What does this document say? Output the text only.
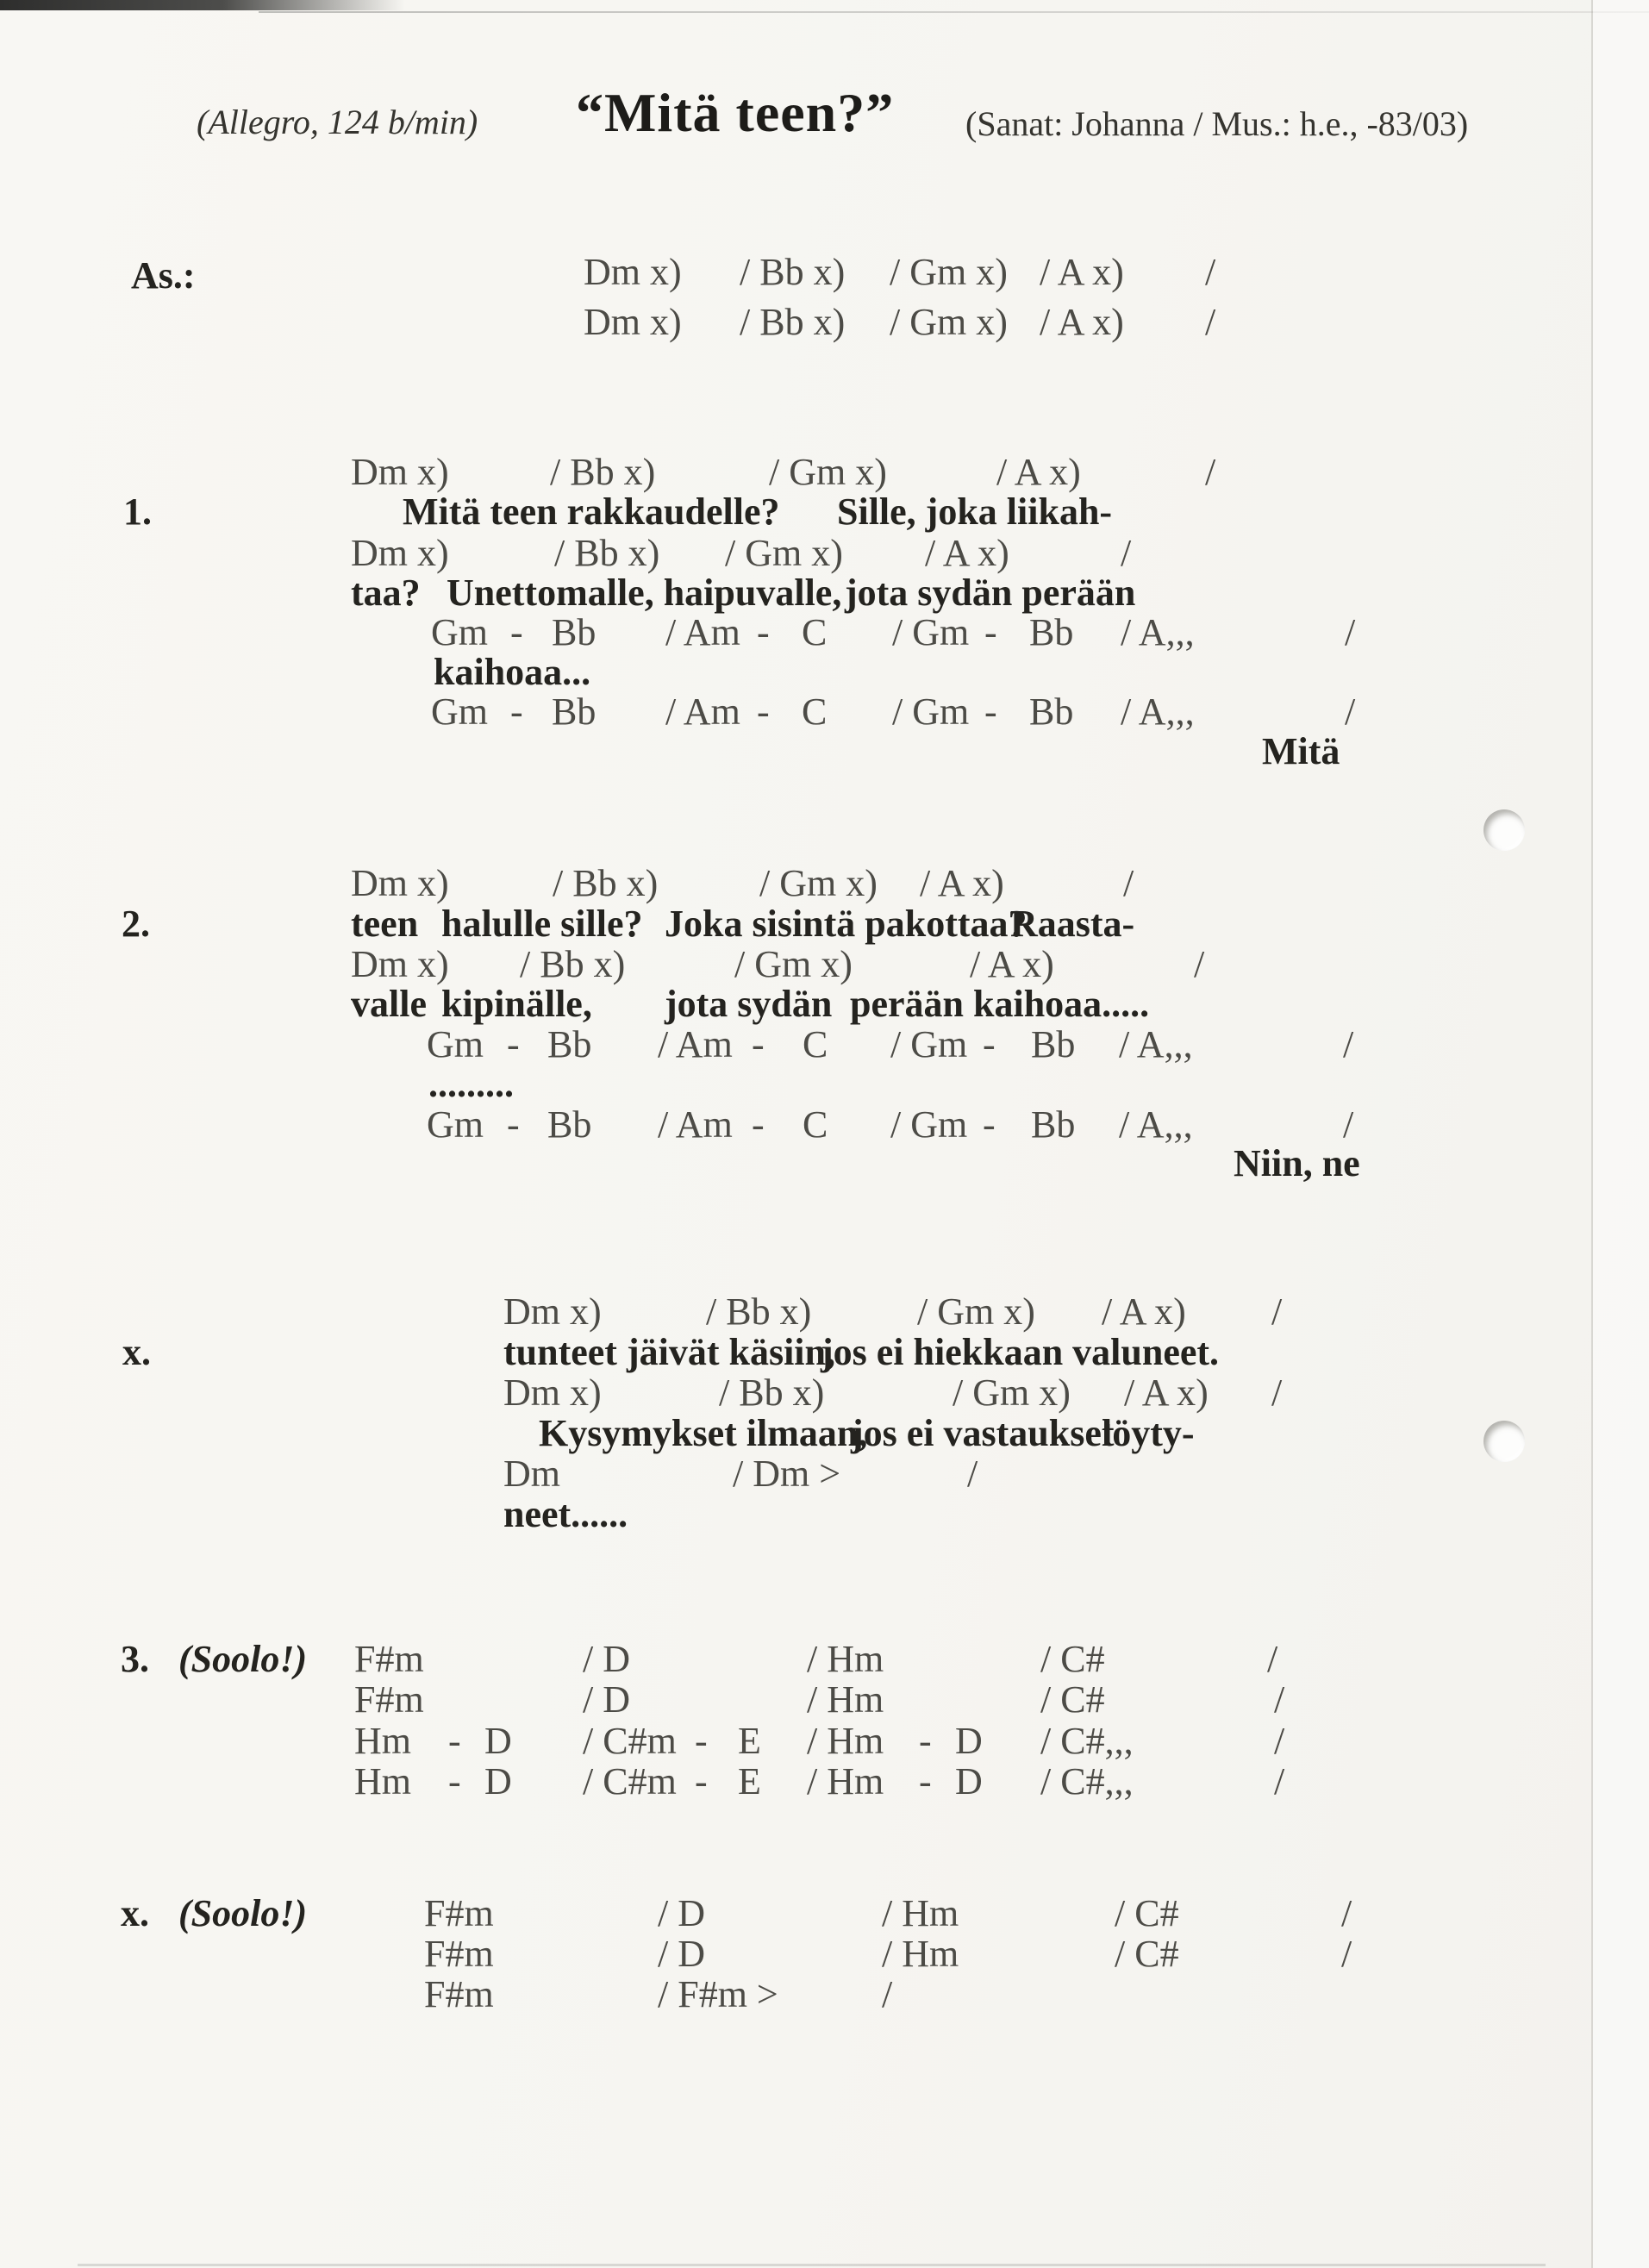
(Allegro, 124 b/min) “Mitä teen?” (Sanat: Johanna / Mus.: h.e., -83/03)
As.:	Dm x) / Bb x) / Gm x) / A x) /
Dm x) / Bb x) / Gm x) / A x) /
Dm x)	/ Bb x)	/ Gm x)	/ A x)	/
1.	Mitä teen rakkaudelle? Sille, joka liikah-
Dm x)	/ Bb x) / Gm x) / A x)	/
taa? Unettomalle, haipuvalle, jota sydän perään
Gm - Bb / Am - C / Gm - Bb / A,,,	/
kaihoaa...
Gm - Bb / Am - C / Gm - Bb / A,,,	/
Mitä
Dm x)	/ Bb x)	/ Gm x) / A x)	/
2.	teen halulle sille? Joka sisintä pakottaa?
Raasta-
Dm x) / Bb x)	/ Gm x)	/ A x)	/
valle kipinälle, jota sydän perään kaihoaa.....
Gm - Bb / Am - C / Gm - Bb / A,,,	/
.........
Gm - Bb / Am - C / Gm - Bb / A,,,	/
Niin, ne
Dm x)	/ Bb x)	/ Gm x) / A x) /
x.	tunteet jäivät käsiin,
jos ei hiekkaan valuneet.
Dm x)	/ Bb x)	/ Gm x) / A x) /
Kysymykset ilmaan,
jos ei vastaukset
löyty-
Dm	/ Dm >	/
neet......
3. (Soolo!) F#m	/ D	/ Hm	/ C#	/
F#m	/ D	/ Hm	/ C#	/
Hm - D / C#m - E / Hm - D / C#,,,	/
Hm - D / C#m - E / Hm - D / C#,,,	/
x. (Soolo!)	F#m	/ D	/ Hm	/ C#	/
F#m	/ D	/ Hm	/ C#	/
F#m	/ F#m >	/
